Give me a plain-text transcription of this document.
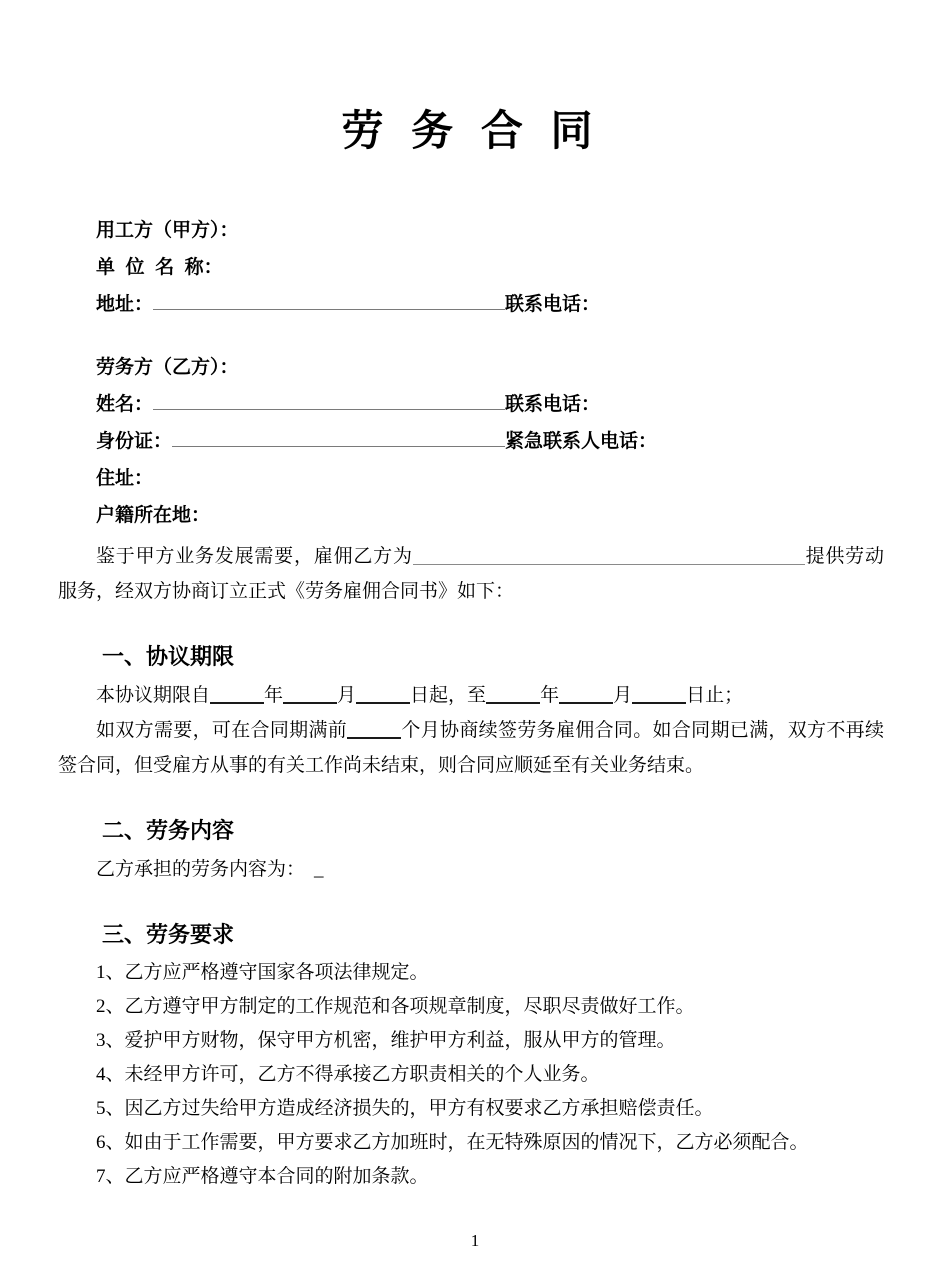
劳 务 合 同
用工方（甲方）：
单  位  名  称：
地址：	联系电话：
劳务方（乙方）：
姓名：	联系电话：
身份证：	紧急联系人电话：
住址：
户籍所在地：

鉴于甲方业务发展需要，雇佣乙方为	提供劳动服务，经双方协商订立正式《劳务雇佣合同书》如下：

一、协议期限
本协议期限自	年	月	日起，至	年	月	日止；

如双方需要，可在合同期满前	个月协商续签劳务雇佣合同。如合同期已满，双方不再续签合同，但受雇方从事的有关工作尚未结束，则合同应顺延至有关业务结束。

二、劳务内容
乙方承担的劳务内容为： _
三、劳务要求
1、乙方应严格遵守国家各项法律规定。
2、乙方遵守甲方制定的工作规范和各项规章制度，尽职尽责做好工作。
3、爱护甲方财物，保守甲方机密，维护甲方利益，服从甲方的管理。
4、未经甲方许可，乙方不得承接乙方职责相关的个人业务。
5、因乙方过失给甲方造成经济损失的，甲方有权要求乙方承担赔偿责任。
6、如由于工作需要，甲方要求乙方加班时，在无特殊原因的情况下，乙方必须配合。
7、乙方应严格遵守本合同的附加条款。
1
